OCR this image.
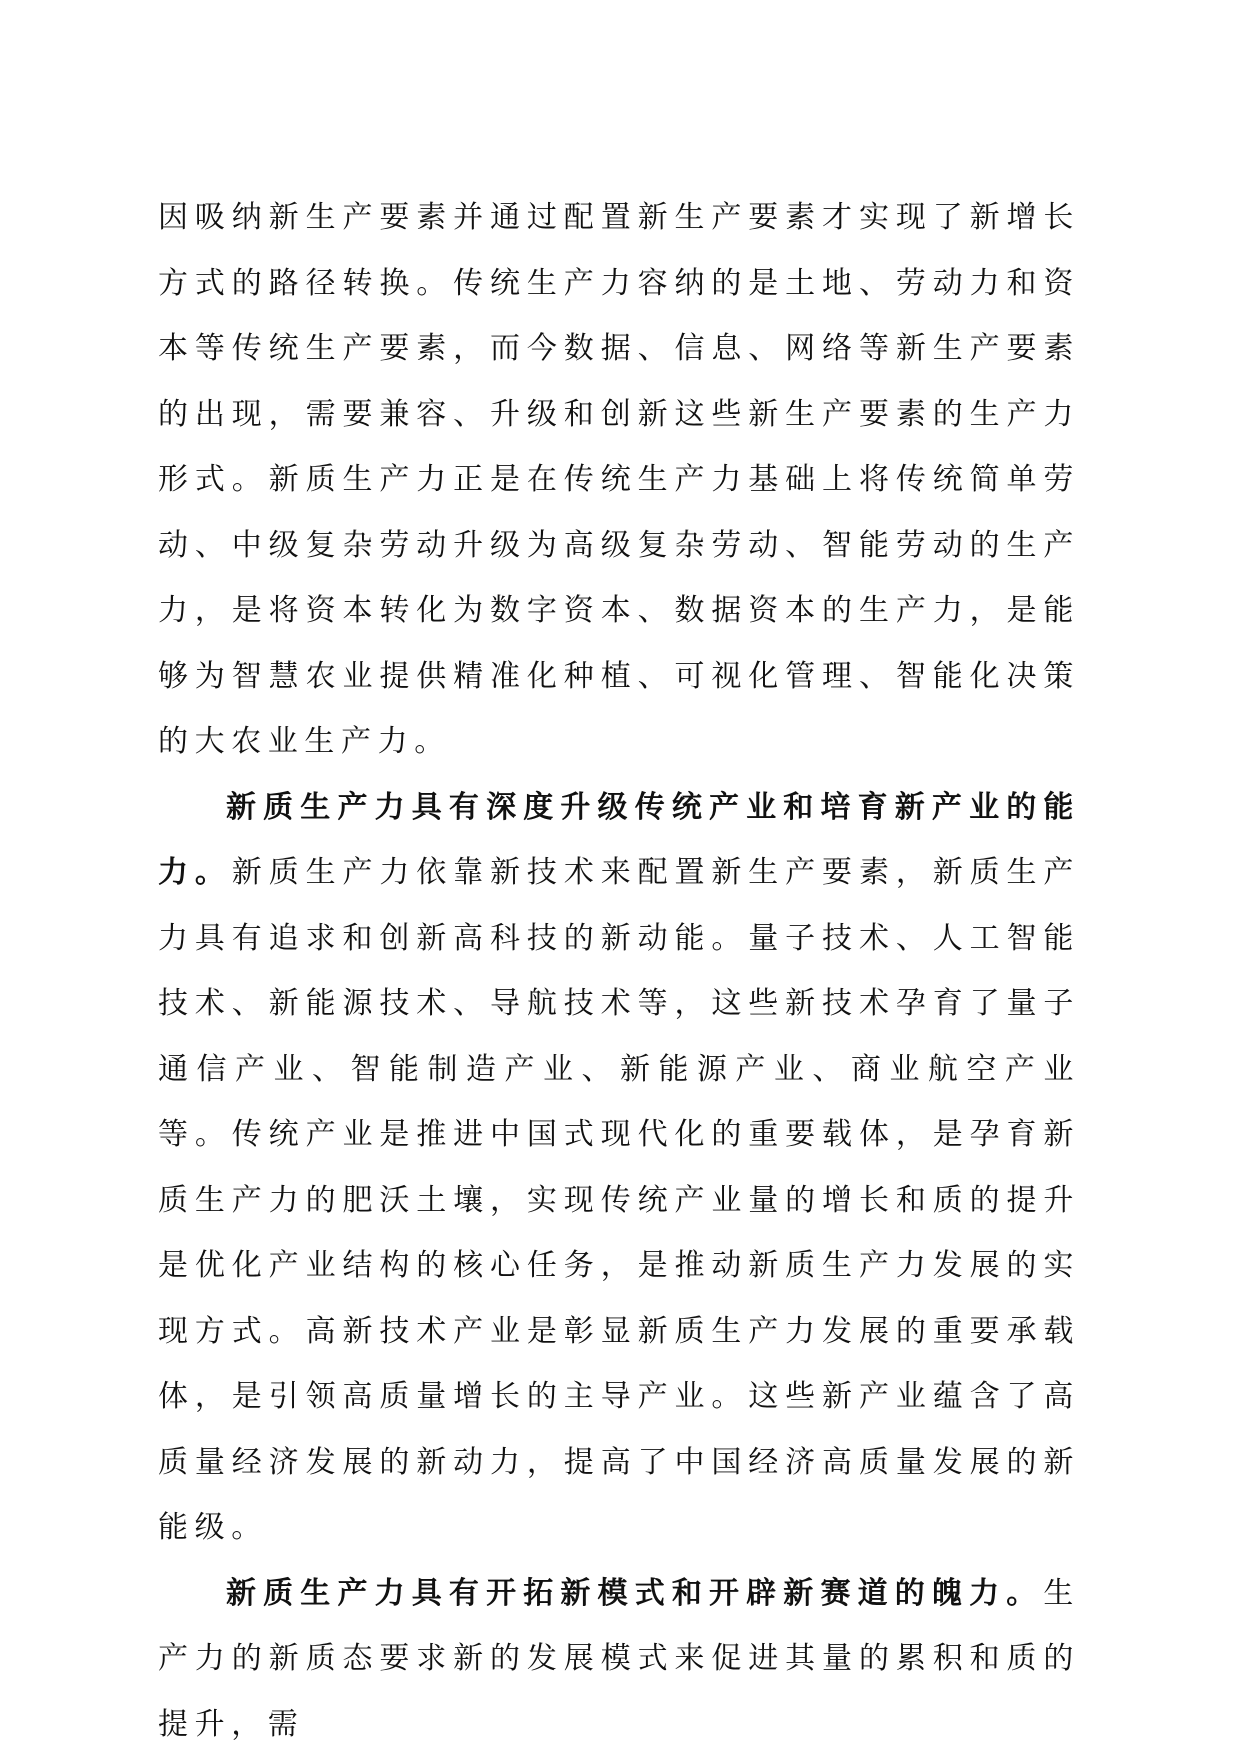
因吸纳新生产要素并通过配置新生产要素才实现了新增长方式的路径转换。传统生产力容纳的是土地、劳动力和资本等传统生产要素，而今数据、信息、网络等新生产要素的出现，需要兼容、升级和创新这些新生产要素的生产力形式。新质生产力正是在传统生产力基础上将传统简单劳动、中级复杂劳动升级为高级复杂劳动、智能劳动的生产力，是将资本转化为数字资本、数据资本的生产力，是能够为智慧农业提供精准化种植、可视化管理、智能化决策的大农业生产力。

新质生产力具有深度升级传统产业和培育新产业的能力。新质生产力依靠新技术来配置新生产要素，新质生产力具有追求和创新高科技的新动能。量子技术、人工智能技术、新能源技术、导航技术等，这些新技术孕育了量子通信产业、智能制造产业、新能源产业、商业航空产业等。传统产业是推进中国式现代化的重要载体，是孕育新质生产力的肥沃土壤，实现传统产业量的增长和质的提升是优化产业结构的核心任务，是推动新质生产力发展的实现方式。高新技术产业是彰显新质生产力发展的重要承载体，是引领高质量增长的主导产业。这些新产业蕴含了高质量经济发展的新动力，提高了中国经济高质量发展的新能级。

新质生产力具有开拓新模式和开辟新赛道的魄力。生产力的新质态要求新的发展模式来促进其量的累积和质的提升，需
